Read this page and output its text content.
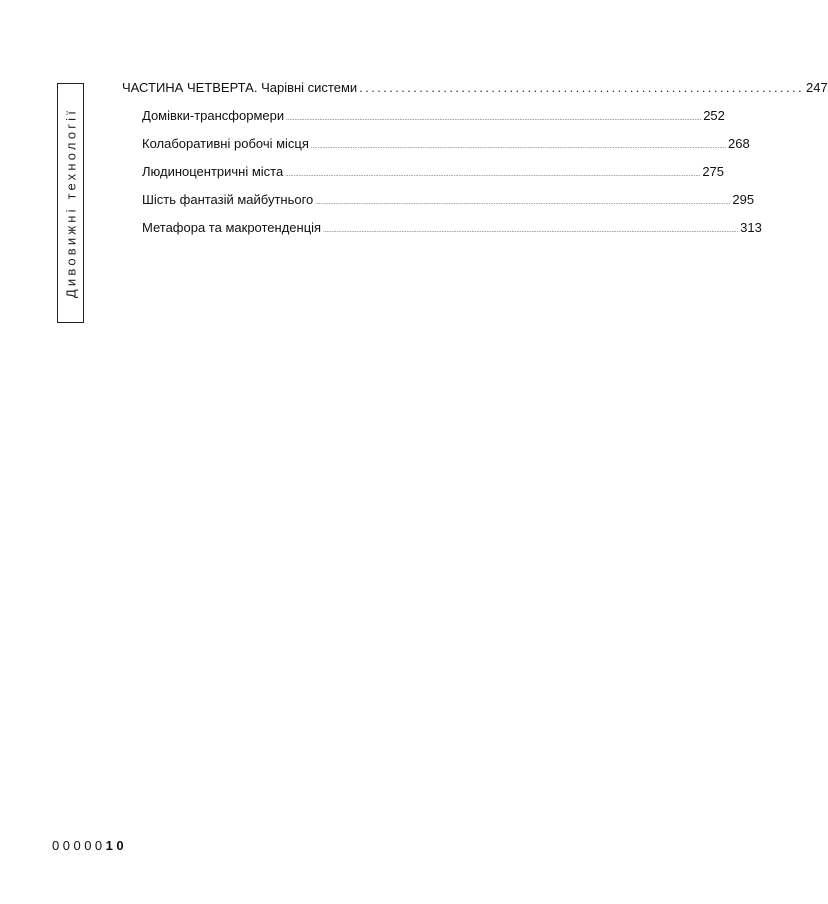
Дивовижні технології
ЧАСТИНА ЧЕТВЕРТА. Чарівні системи .......................................................................... 247
Домівки-трансформери ......................................................................................................................................................................................................................................................... 252
Колаборативні робочі місця ......................................................................................................................................................................................................................................................... 268
Людиноцентричні міста ......................................................................................................................................................................................................................................................... 275
Шість фантазій майбутнього ......................................................................................................................................................................................................................................................... 295
Метафора та макротенденція ......................................................................................................................................................................................................................................................... 313
0000010
